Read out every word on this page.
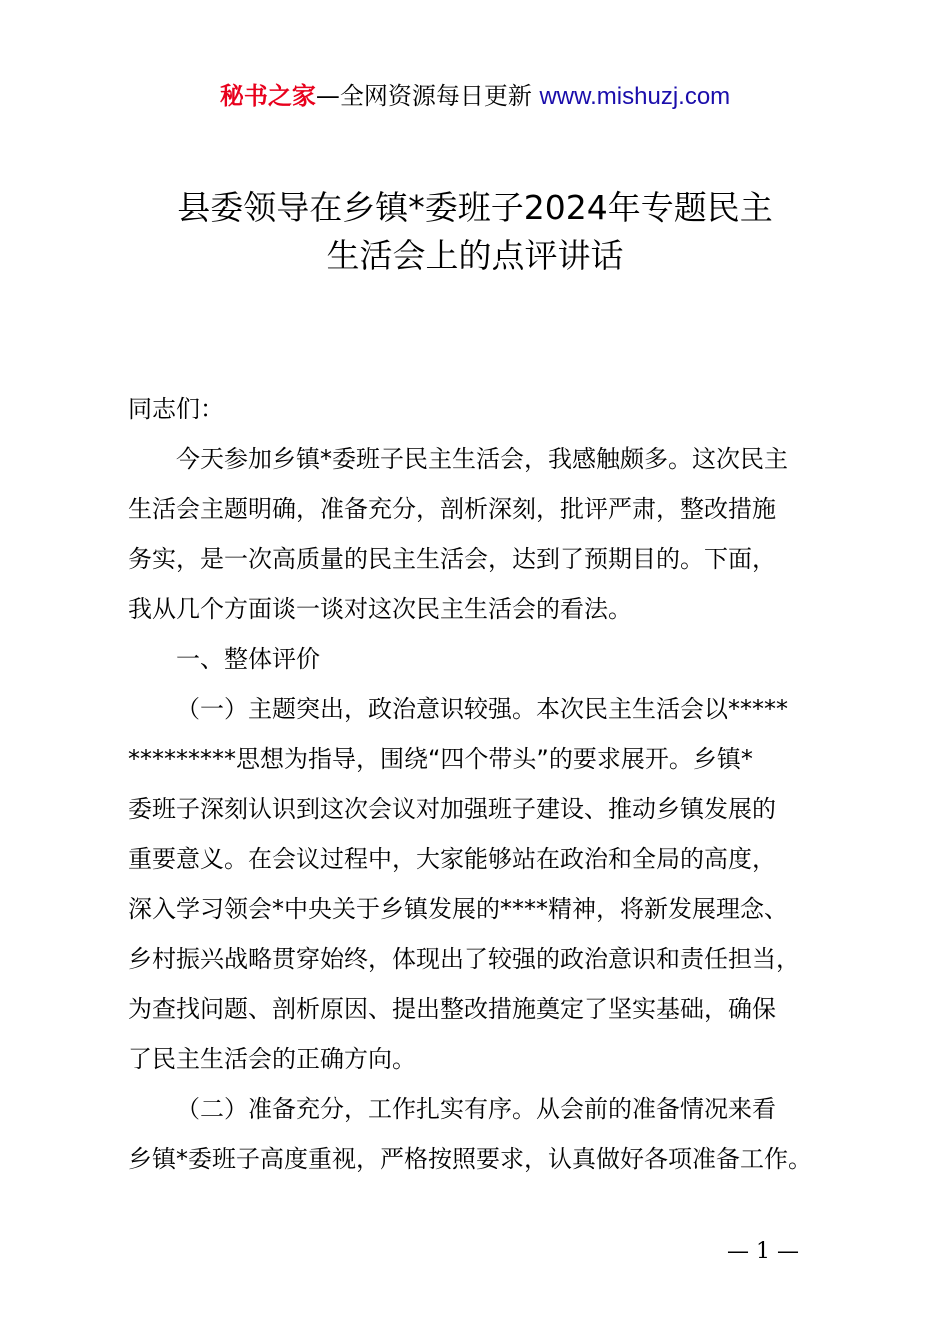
秘书之家—全网资源每日更新 www.mishuzj.com
县委领导在乡镇*委班子2024年专题民主
生活会上的点评讲话
同志们：
今天参加乡镇*委班子民主生活会，我感触颇多。这次民主
生活会主题明确，准备充分，剖析深刻，批评严肃，整改措施
务实，是一次高质量的民主生活会，达到了预期目的。下面，
我从几个方面谈一谈对这次民主生活会的看法。
一、整体评价
（一）主题突出，政治意识较强。本次民主生活会以*****
*********思想为指导，围绕“四个带头”的要求展开。乡镇*
委班子深刻认识到这次会议对加强班子建设、推动乡镇发展的
重要意义。在会议过程中，大家能够站在政治和全局的高度，
深入学习领会*中央关于乡镇发展的****精神，将新发展理念、
乡村振兴战略贯穿始终，体现出了较强的政治意识和责任担当，
为查找问题、剖析原因、提出整改措施奠定了坚实基础，确保
了民主生活会的正确方向。
（二）准备充分，工作扎实有序。从会前的准备情况来看
乡镇*委班子高度重视，严格按照要求，认真做好各项准备工作。
— 1 —
